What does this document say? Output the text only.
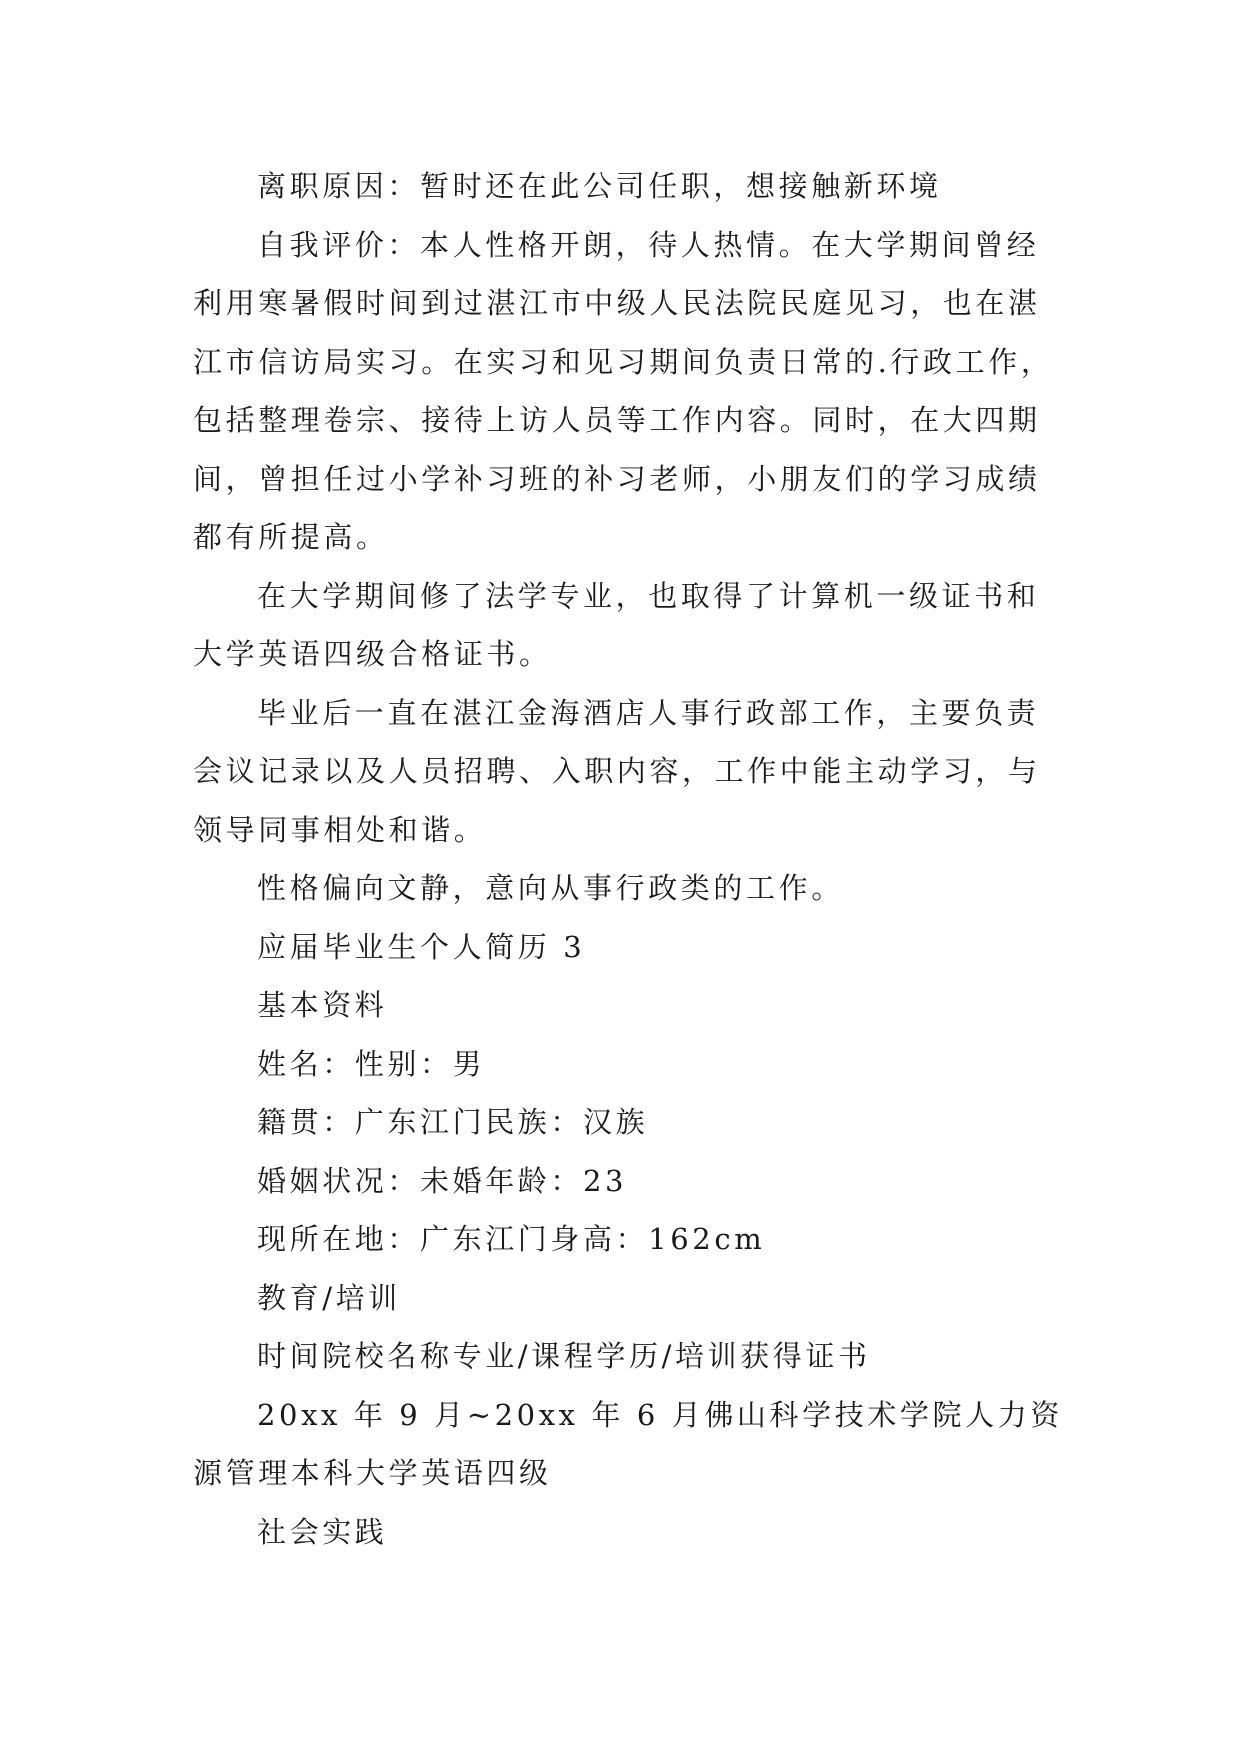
离职原因：暂时还在此公司任职，想接触新环境

自我评价：本人性格开朗，待人热情。在大学期间曾经利用寒暑假时间到过湛江市中级人民法院民庭见习，也在湛江市信访局实习。在实习和见习期间负责日常的.行政工作，包括整理卷宗、接待上访人员等工作内容。同时，在大四期间，曾担任过小学补习班的补习老师，小朋友们的学习成绩都有所提高。

在大学期间修了法学专业，也取得了计算机一级证书和大学英语四级合格证书。

毕业后一直在湛江金海酒店人事行政部工作，主要负责会议记录以及人员招聘、入职内容，工作中能主动学习，与领导同事相处和谐。

性格偏向文静，意向从事行政类的工作。

应届毕业生个人简历 3

基本资料

姓名：性别：男

籍贯：广东江门民族：汉族

婚姻状况：未婚年龄：23

现所在地：广东江门身高：162cm

教育/培训

时间院校名称专业/课程学历/培训获得证书

20xx 年 9 月~20xx 年 6 月佛山科学技术学院人力资源管理本科大学英语四级

社会实践
